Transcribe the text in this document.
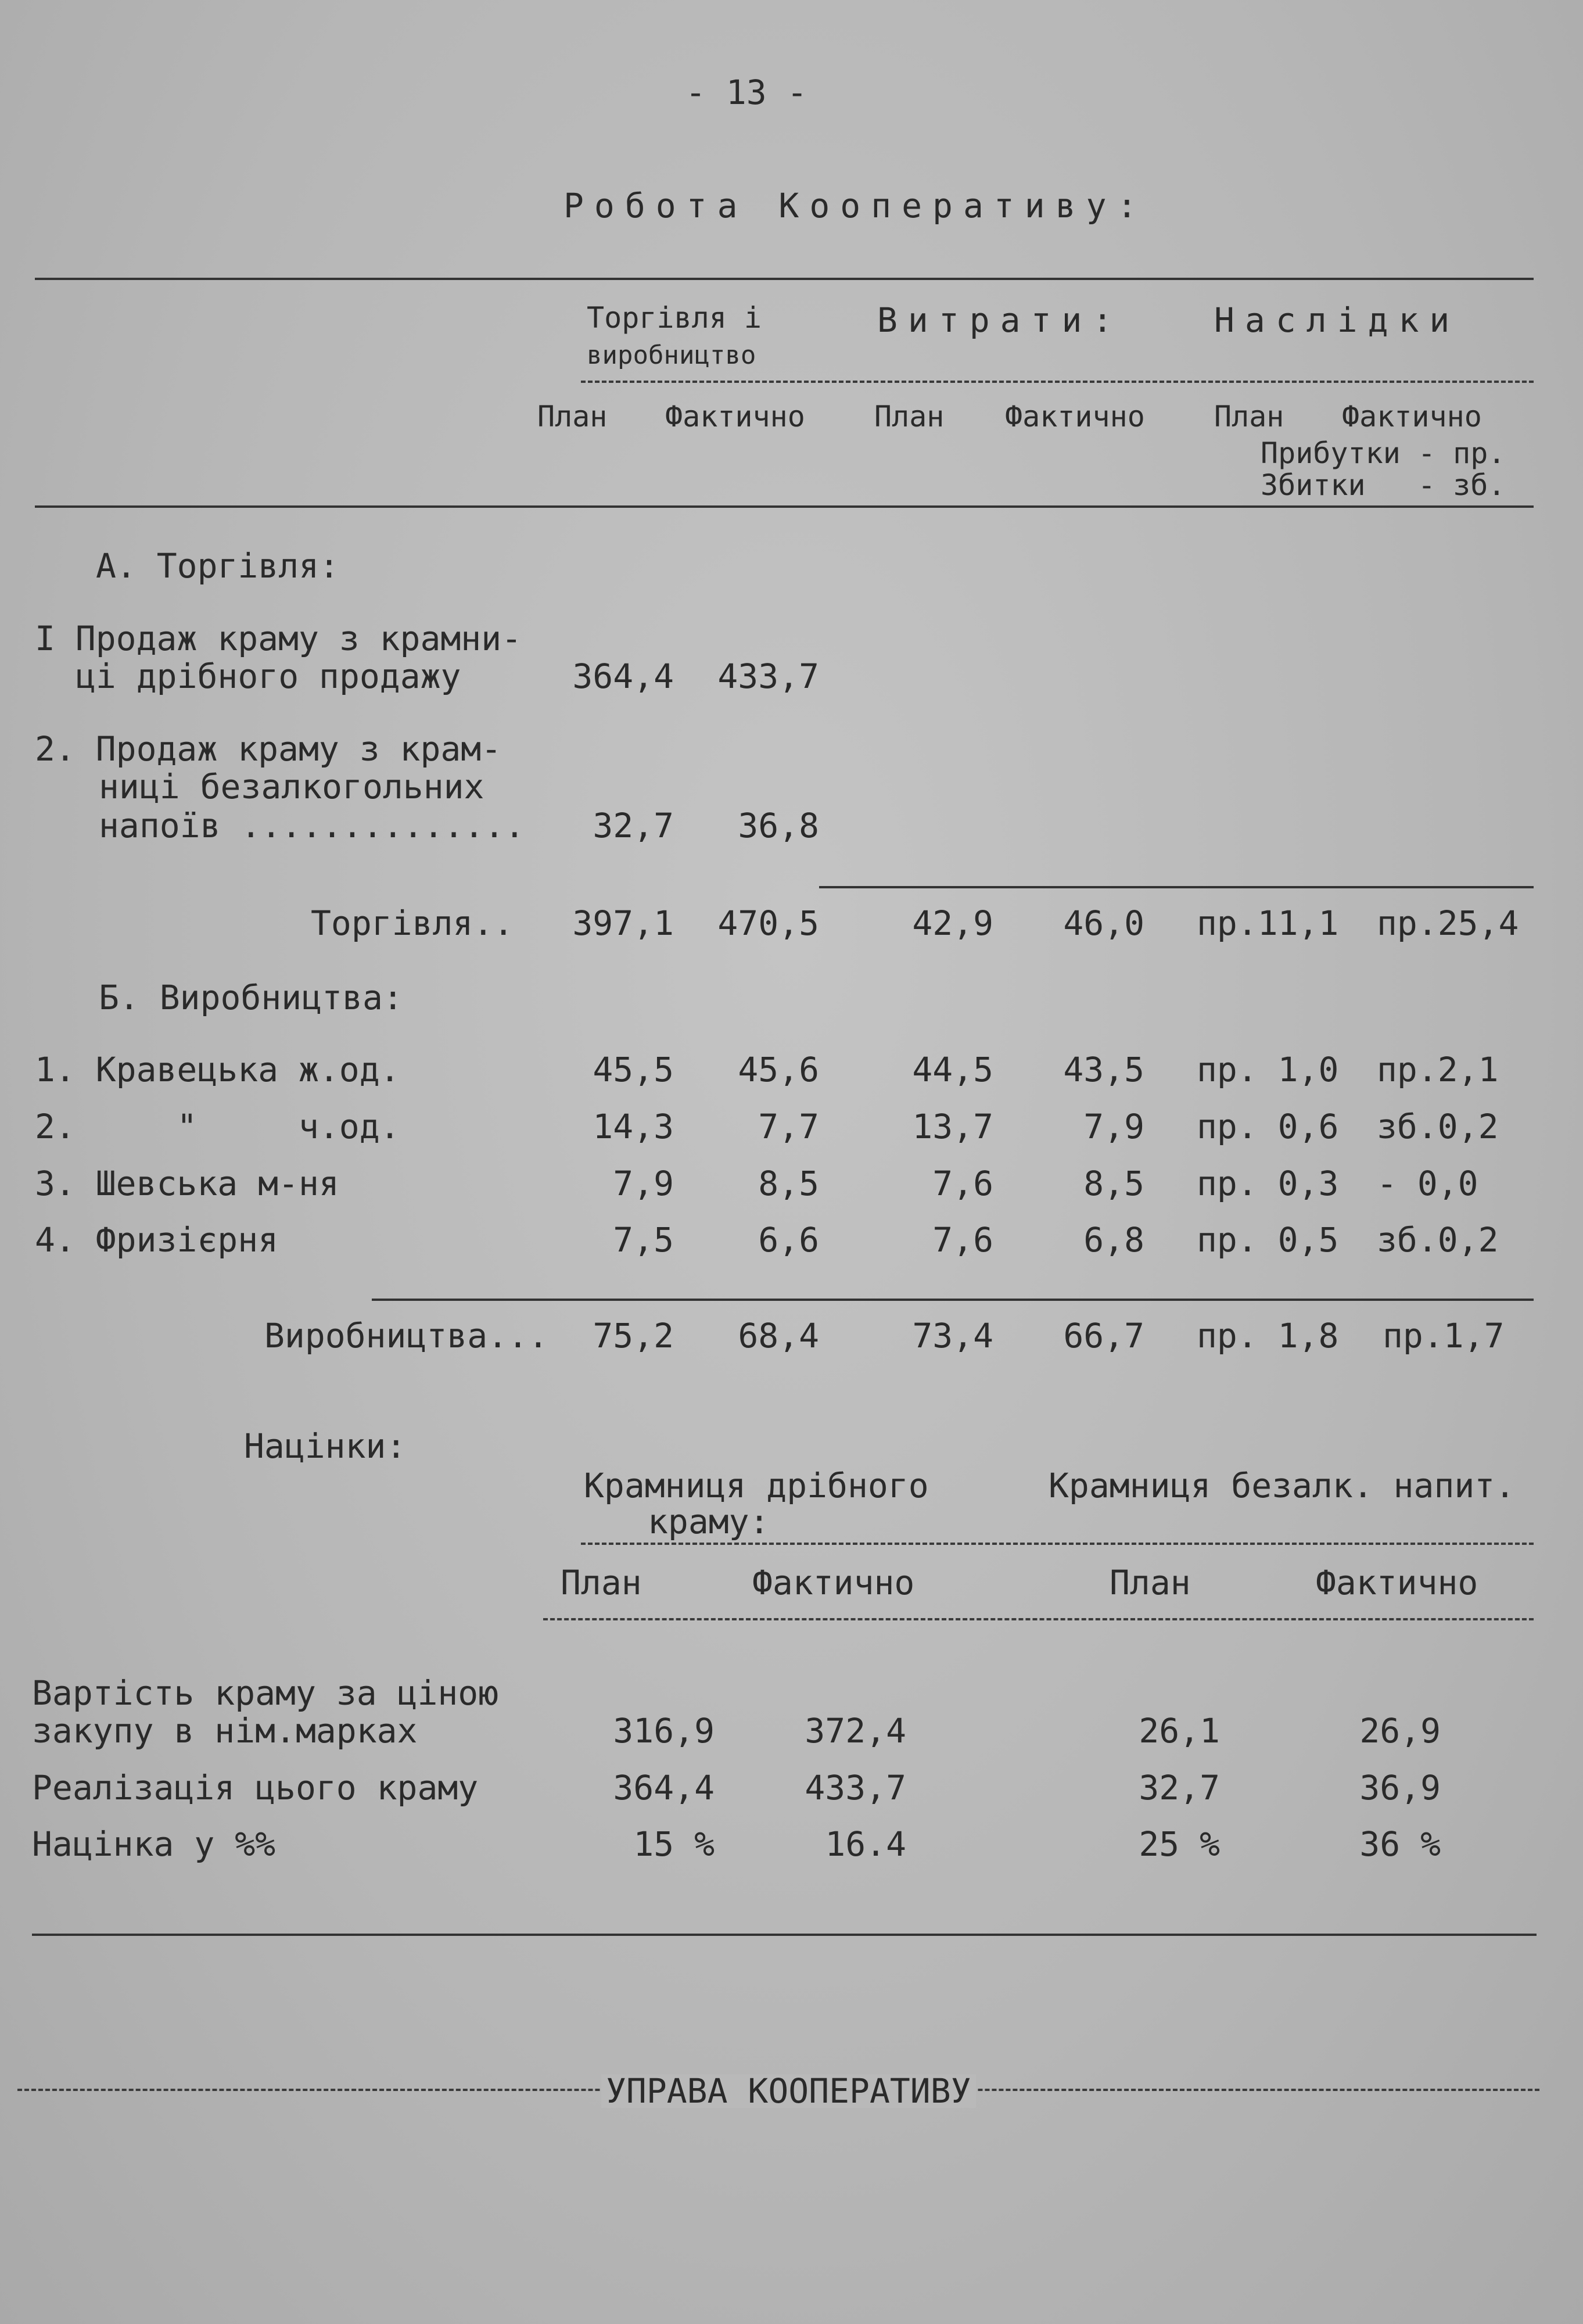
- 13 -
Робота Кооперативу:
Торгівля і
виробництво
Витрати:	Наслідки
План Фактично План Фактично План Фактично
Прибутки - пр.
Збитки   - зб.
А. Торгівля:
I Продаж краму з крамни-
ці дрібного продажу	364,4	433,7
2. Продаж краму з крам-
ниці безалкогольних
напоїв ..............	32,7	36,8
Торгівля..	397,1	470,5	42,9	46,0 пр.11,1 пр.25,4
Б. Виробництва:
1. Кравецька ж.од.	45,5	45,6	44,5	43,5 пр. 1,0 пр.2,1
2.     "     ч.од.	14,3	7,7	13,7	7,9 пр. 0,6 зб.0,2
3. Шевська м-ня	7,9	8,5	7,6	8,5 пр. 0,3 - 0,0
4. Фризієрня	7,5	6,6	7,6	6,8 пр. 0,5 зб.0,2
Виробництва...	75,2	68,4	73,4	66,7 пр. 1,8 пр.1,7
Націнки:
Крамниця дрібного
краму:
Крамниця безалк. напит.
План	Фактично	План	Фактично
Вартість краму за ціною
закупу в нім.марках	316,9	372,4	26,1	26,9
Реалізація цього краму	364,4	433,7	32,7	36,9
Націнка у %%	15 %	16.4	25 %	36 %
УПРАВА КООПЕРАТИВУ
